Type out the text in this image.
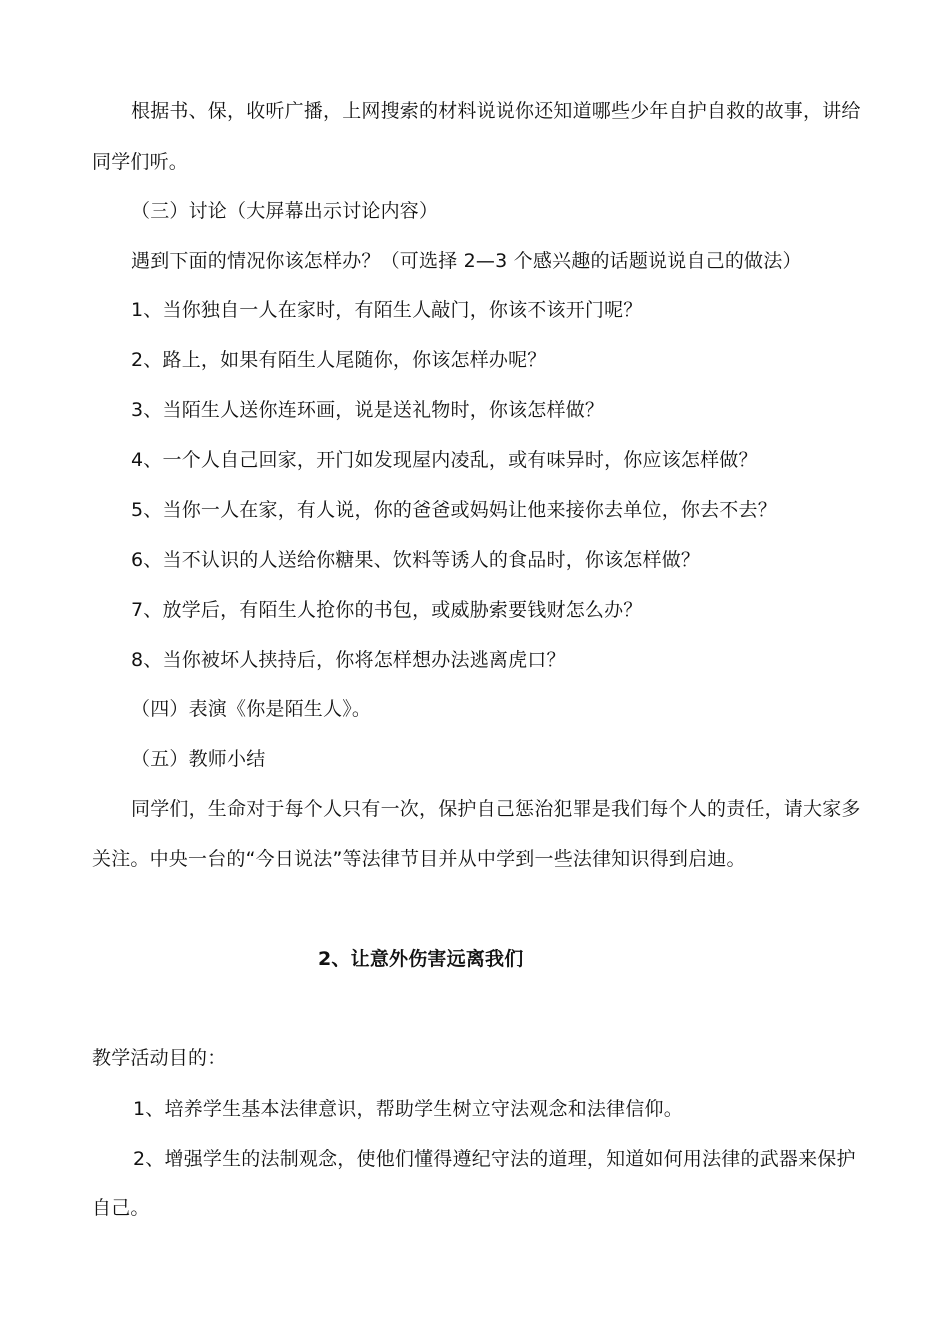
根据书、保，收听广播，上网搜索的材料说说你还知道哪些少年自护自救的故事，讲给
同学们听。
（三）讨论（大屏幕出示讨论内容）
遇到下面的情况你该怎样办？（可选择 2—3 个感兴趣的话题说说自己的做法）
1、当你独自一人在家时，有陌生人敲门，你该不该开门呢？
2、路上，如果有陌生人尾随你，你该怎样办呢？
3、当陌生人送你连环画，说是送礼物时，你该怎样做？
4、一个人自己回家，开门如发现屋内凌乱，或有味异时，你应该怎样做？
5、当你一人在家，有人说，你的爸爸或妈妈让他来接你去单位，你去不去？
6、当不认识的人送给你糖果、饮料等诱人的食品时，你该怎样做？
7、放学后，有陌生人抢你的书包，或威胁索要钱财怎么办？
8、当你被坏人挟持后，你将怎样想办法逃离虎口？
（四）表演《你是陌生人》。
（五）教师小结
同学们，生命对于每个人只有一次，保护自己惩治犯罪是我们每个人的责任，请大家多
关注。中央一台的“今日说法”等法律节目并从中学到一些法律知识得到启迪。
2、让意外伤害远离我们
教学活动目的：
1、培养学生基本法律意识，帮助学生树立守法观念和法律信仰。
2、增强学生的法制观念，使他们懂得遵纪守法的道理，知道如何用法律的武器来保护
自己。
